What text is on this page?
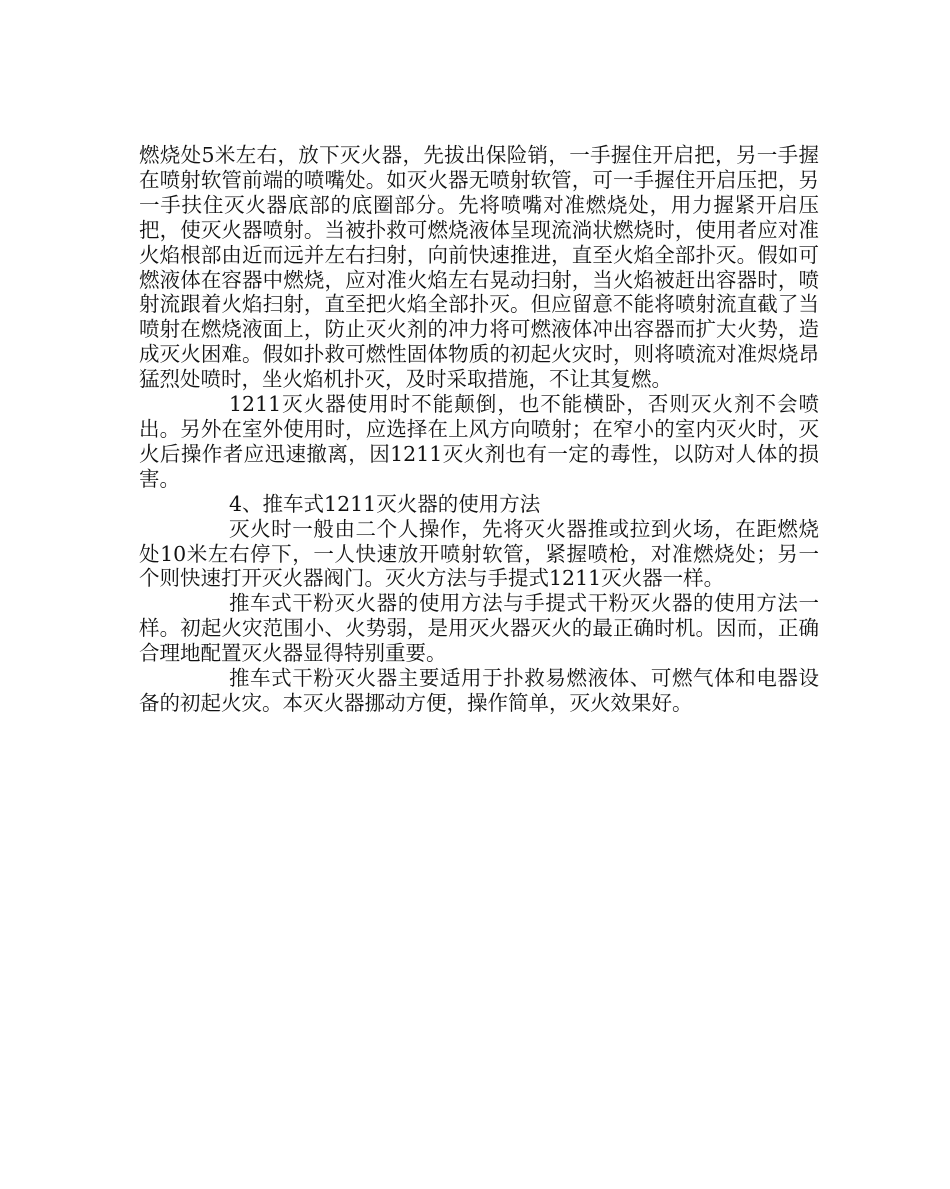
燃烧处5米左右，放下灭火器，先拔出保险销，一手握住开启把，另一手握在喷射软管前端的喷嘴处。如灭火器无喷射软管，可一手握住开启压把，另一手扶住灭火器底部的底圈部分。先将喷嘴对准燃烧处，用力握紧开启压把，使灭火器喷射。当被扑救可燃烧液体呈现流淌状燃烧时，使用者应对准火焰根部由近而远并左右扫射，向前快速推进，直至火焰全部扑灭。假如可燃液体在容器中燃烧，应对准火焰左右晃动扫射，当火焰被赶出容器时，喷射流跟着火焰扫射，直至把火焰全部扑灭。但应留意不能将喷射流直截了当喷射在燃烧液面上，防止灭火剂的冲力将可燃液体冲出容器而扩大火势，造成灭火困难。假如扑救可燃性固体物质的初起火灾时，则将喷流对准烬烧昂猛烈处喷时，坐火焰机扑灭，及时采取措施，不让其复燃。

1211灭火器使用时不能颠倒，也不能横卧，否则灭火剂不会喷出。另外在室外使用时，应选择在上风方向喷射；在窄小的室内灭火时，灭火后操作者应迅速撤离，因1211灭火剂也有一定的毒性，以防对人体的损害。

4、推车式1211灭火器的使用方法

灭火时一般由二个人操作，先将灭火器推或拉到火场，在距燃烧处10米左右停下，一人快速放开喷射软管，紧握喷枪，对准燃烧处；另一个则快速打开灭火器阀门。灭火方法与手提式1211灭火器一样。

推车式干粉灭火器的使用方法与手提式干粉灭火器的使用方法一样。初起火灾范围小、火势弱，是用灭火器灭火的最正确时机。因而，正确合理地配置灭火器显得特别重要。

推车式干粉灭火器主要适用于扑救易燃液体、可燃气体和电器设备的初起火灾。本灭火器挪动方便，操作简单，灭火效果好。
